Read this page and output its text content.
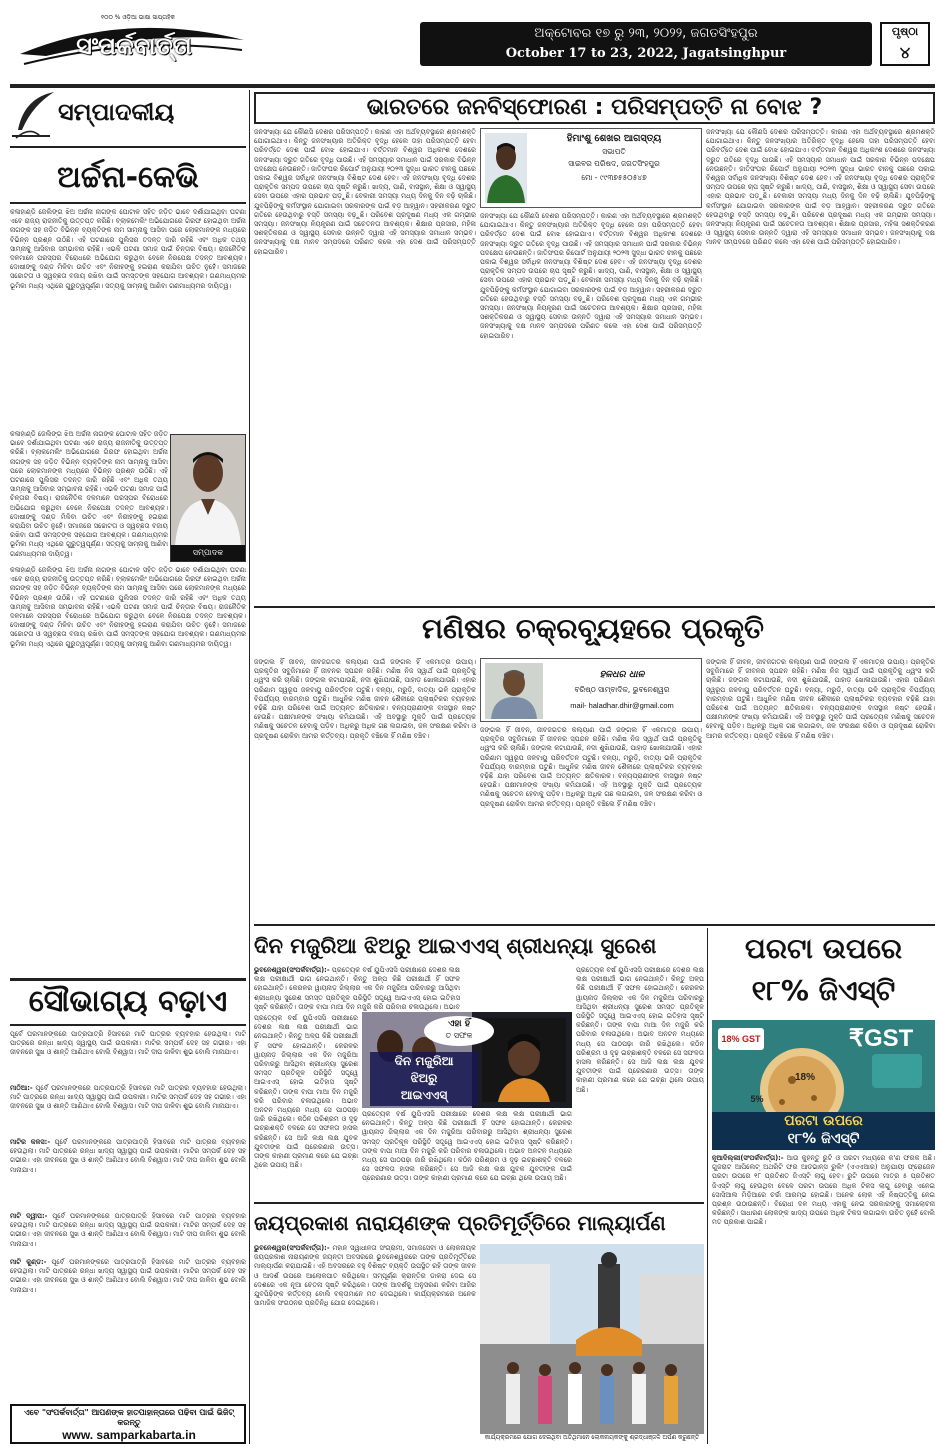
୧୦୦ % ଓଡ଼ିଆ ଭାଷା ସାପ୍ତାହିକ
ସଂପର୍କବାର୍ତ୍ତା	ଅକ୍ଟୋବର ୧୭ ରୁ ୨୩, ୨୦୨୨, ଜଗତସିଂହପୁର
October 17 to 23, 2022, Jagatsinghpur
ପୃଷ୍ଠା
୪
ସମ୍ପାଦକୀୟ
ଅର୍ଚ୍ଚନା-କେଭି
କଳାହାଣ୍ଡି ଜେଲିଙ୍ଗ ଝିଅ ଅର୍ଚ୍ଚନା ନାଗଙ୍କ ଘୋଟାଳ ସହିତ ଜଡ଼ିତ ଭାବେ ଦର୍ଶାଯାଇଥିବା ଘଟଣା ଏବେ ରାଜ୍ୟ ରାଜନୀତିକୁ ଉତ୍ତପ୍ତ କରିଛି। ବ୍ଲାକମେଲିଂ ଅଭିଯୋଗରେ ଗିରଫ ହୋଇଥିବା ଅର୍ଚ୍ଚନା ନାଗଙ୍କ ସହ ଜଡ଼ିତ ବିଭିନ୍ନ ବ୍ୟକ୍ତିଙ୍କ ନାମ ସାମ୍ନାକୁ ଆସିବା ପରେ ଲୋକମାନଙ୍କ ମଧ୍ୟରେ ବିଭିନ୍ନ ପ୍ରଶ୍ନ ଉଠିଛି। ଏହି ଘଟଣାରେ ପୁଲିସର ତଦନ୍ତ ଜାରି ରହିଛି ଏବଂ ଅଧିକ ତଥ୍ୟ ସାମ୍ନାକୁ ଆସିବାର ସମ୍ଭାବନା ରହିଛି। ଏଭଳି ଘଟଣା ସମାଜ ପାଇଁ ଚିନ୍ତାର ବିଷୟ। ରାଜନୈତିକ ଦଳମାନେ ପରସ୍ପର ବିରୋଧରେ ଅଭିଯୋଗ କରୁଥିବା ବେଳେ ନିରପେକ୍ଷ ତଦନ୍ତ ଆବଶ୍ୟକ। ଦୋଷୀଙ୍କୁ ଦଣ୍ଡ ମିଳିବା ଉଚିତ ଏବଂ ନିରୀହଙ୍କୁ ହଇରାଣ କରାଯିବା ଉଚିତ ନୁହେଁ। ସମାଜରେ ସଚ୍ଚୋଟତା ଓ ସ୍ୱଚ୍ଛତା ବଜାୟ ରଖିବା ପାଇଁ ସମସ୍ତଙ୍କ ସହଯୋଗ ଆବଶ୍ୟକ। ଗଣମାଧ୍ୟମର ଭୂମିକା ମଧ୍ୟ ଏଥିରେ ଗୁରୁତ୍ୱପୂର୍ଣ୍ଣ। ସତ୍ୟକୁ ସାମ୍ନାକୁ ଆଣିବା ଗଣମାଧ୍ୟମର ଦାୟିତ୍ୱ।
କଳାହାଣ୍ଡି ଜେଲିଙ୍ଗ ଝିଅ ଅର୍ଚ୍ଚନା ନାଗଙ୍କ ଘୋଟାଳ ସହିତ ଜଡ଼ିତ ଭାବେ ଦର୍ଶାଯାଇଥିବା ଘଟଣା ଏବେ ରାଜ୍ୟ ରାଜନୀତିକୁ ଉତ୍ତପ୍ତ କରିଛି। ବ୍ଲାକମେଲିଂ ଅଭିଯୋଗରେ ଗିରଫ ହୋଇଥିବା ଅର୍ଚ୍ଚନା ନାଗଙ୍କ ସହ ଜଡ଼ିତ ବିଭିନ୍ନ ବ୍ୟକ୍ତିଙ୍କ ନାମ ସାମ୍ନାକୁ ଆସିବା ପରେ ଲୋକମାନଙ୍କ ମଧ୍ୟରେ ବିଭିନ୍ନ ପ୍ରଶ୍ନ ଉଠିଛି। ଏହି ଘଟଣାରେ ପୁଲିସର ତଦନ୍ତ ଜାରି ରହିଛି ଏବଂ ଅଧିକ ତଥ୍ୟ ସାମ୍ନାକୁ ଆସିବାର ସମ୍ଭାବନା ରହିଛି। ଏଭଳି ଘଟଣା ସମାଜ ପାଇଁ ଚିନ୍ତାର ବିଷୟ। ରାଜନୈତିକ ଦଳମାନେ ପରସ୍ପର ବିରୋଧରେ ଅଭିଯୋଗ କରୁଥିବା ବେଳେ ନିରପେକ୍ଷ ତଦନ୍ତ ଆବଶ୍ୟକ। ଦୋଷୀଙ୍କୁ ଦଣ୍ଡ ମିଳିବା ଉଚିତ ଏବଂ ନିରୀହଙ୍କୁ ହଇରାଣ କରାଯିବା ଉଚିତ ନୁହେଁ। ସମାଜରେ ସଚ୍ଚୋଟତା ଓ ସ୍ୱଚ୍ଛତା ବଜାୟ ରଖିବା ପାଇଁ ସମସ୍ତଙ୍କ ସହଯୋଗ ଆବଶ୍ୟକ। ଗଣମାଧ୍ୟମର ଭୂମିକା ମଧ୍ୟ ଏଥିରେ ଗୁରୁତ୍ୱପୂର୍ଣ୍ଣ। ସତ୍ୟକୁ ସାମ୍ନାକୁ ଆଣିବା ଗଣମାଧ୍ୟମର ଦାୟିତ୍ୱ।	ସମ୍ପାଦକ
କଳାହାଣ୍ଡି ଜେଲିଙ୍ଗ ଝିଅ ଅର୍ଚ୍ଚନା ନାଗଙ୍କ ଘୋଟାଳ ସହିତ ଜଡ଼ିତ ଭାବେ ଦର୍ଶାଯାଇଥିବା ଘଟଣା ଏବେ ରାଜ୍ୟ ରାଜନୀତିକୁ ଉତ୍ତପ୍ତ କରିଛି। ବ୍ଲାକମେଲିଂ ଅଭିଯୋଗରେ ଗିରଫ ହୋଇଥିବା ଅର୍ଚ୍ଚନା ନାଗଙ୍କ ସହ ଜଡ଼ିତ ବିଭିନ୍ନ ବ୍ୟକ୍ତିଙ୍କ ନାମ ସାମ୍ନାକୁ ଆସିବା ପରେ ଲୋକମାନଙ୍କ ମଧ୍ୟରେ ବିଭିନ୍ନ ପ୍ରଶ୍ନ ଉଠିଛି। ଏହି ଘଟଣାରେ ପୁଲିସର ତଦନ୍ତ ଜାରି ରହିଛି ଏବଂ ଅଧିକ ତଥ୍ୟ ସାମ୍ନାକୁ ଆସିବାର ସମ୍ଭାବନା ରହିଛି। ଏଭଳି ଘଟଣା ସମାଜ ପାଇଁ ଚିନ୍ତାର ବିଷୟ। ରାଜନୈତିକ ଦଳମାନେ ପରସ୍ପର ବିରୋଧରେ ଅଭିଯୋଗ କରୁଥିବା ବେଳେ ନିରପେକ୍ଷ ତଦନ୍ତ ଆବଶ୍ୟକ। ଦୋଷୀଙ୍କୁ ଦଣ୍ଡ ମିଳିବା ଉଚିତ ଏବଂ ନିରୀହଙ୍କୁ ହଇରାଣ କରାଯିବା ଉଚିତ ନୁହେଁ। ସମାଜରେ ସଚ୍ଚୋଟତା ଓ ସ୍ୱଚ୍ଛତା ବଜାୟ ରଖିବା ପାଇଁ ସମସ୍ତଙ୍କ ସହଯୋଗ ଆବଶ୍ୟକ। ଗଣମାଧ୍ୟମର ଭୂମିକା ମଧ୍ୟ ଏଥିରେ ଗୁରୁତ୍ୱପୂର୍ଣ୍ଣ। ସତ୍ୟକୁ ସାମ୍ନାକୁ ଆଣିବା ଗଣମାଧ୍ୟମର ଦାୟିତ୍ୱ।
ସୌଭାଗ୍ୟ ବଢ଼ାଏ
ପୂର୍ବେ ଘରମାନଙ୍କରେ ପାତ୍ରପାତ୍ରି ହିସାବରେ ମାଟି ପାତ୍ରର ବ୍ୟବହାର ହେଉଥିଲା। ମାଟି ପାତ୍ରରେ ରନ୍ଧା ଖାଦ୍ୟ ସ୍ୱାସ୍ଥ୍ୟ ପାଇଁ ଉପକାରୀ। ମାଟିର ସମ୍ପର୍କ ଦେହ ସହ ଗଭୀର। ଏହା ଜୀବନରେ ସୁଖ ଓ ଶାନ୍ତି ଆଣିଥାଏ ବୋଲି ବିଶ୍ୱାସ। ମାଟି ଦୀପ ଜାଳିବା ଶୁଭ ବୋଲି ମାନାଯାଏ।
ମାଠିଆ:- ପୂର୍ବେ ଘରମାନଙ୍କରେ ପାତ୍ରପାତ୍ରି ହିସାବରେ ମାଟି ପାତ୍ରର ବ୍ୟବହାର ହେଉଥିଲା। ମାଟି ପାତ୍ରରେ ରନ୍ଧା ଖାଦ୍ୟ ସ୍ୱାସ୍ଥ୍ୟ ପାଇଁ ଉପକାରୀ। ମାଟିର ସମ୍ପର୍କ ଦେହ ସହ ଗଭୀର। ଏହା ଜୀବନରେ ସୁଖ ଓ ଶାନ୍ତି ଆଣିଥାଏ ବୋଲି ବିଶ୍ୱାସ। ମାଟି ଦୀପ ଜାଳିବା ଶୁଭ ବୋଲି ମାନାଯାଏ।
ମାଟିର କଳସ:- ପୂର୍ବେ ଘରମାନଙ୍କରେ ପାତ୍ରପାତ୍ରି ହିସାବରେ ମାଟି ପାତ୍ରର ବ୍ୟବହାର ହେଉଥିଲା। ମାଟି ପାତ୍ରରେ ରନ୍ଧା ଖାଦ୍ୟ ସ୍ୱାସ୍ଥ୍ୟ ପାଇଁ ଉପକାରୀ। ମାଟିର ସମ୍ପର୍କ ଦେହ ସହ ଗଭୀର। ଏହା ଜୀବନରେ ସୁଖ ଓ ଶାନ୍ତି ଆଣିଥାଏ ବୋଲି ବିଶ୍ୱାସ। ମାଟି ଦୀପ ଜାଳିବା ଶୁଭ ବୋଲି ମାନାଯାଏ।
ମାଟି ଦ୍ୱୀପ:- ପୂର୍ବେ ଘରମାନଙ୍କରେ ପାତ୍ରପାତ୍ରି ହିସାବରେ ମାଟି ପାତ୍ରର ବ୍ୟବହାର ହେଉଥିଲା। ମାଟି ପାତ୍ରରେ ରନ୍ଧା ଖାଦ୍ୟ ସ୍ୱାସ୍ଥ୍ୟ ପାଇଁ ଉପକାରୀ। ମାଟିର ସମ୍ପର୍କ ଦେହ ସହ ଗଭୀର। ଏହା ଜୀବନରେ ସୁଖ ଓ ଶାନ୍ତି ଆଣିଥାଏ ବୋଲି ବିଶ୍ୱାସ। ମାଟି ଦୀପ ଜାଳିବା ଶୁଭ ବୋଲି ମାନାଯାଏ।
ମାଟି କୁଣ୍ଡ:- ପୂର୍ବେ ଘରମାନଙ୍କରେ ପାତ୍ରପାତ୍ରି ହିସାବରେ ମାଟି ପାତ୍ରର ବ୍ୟବହାର ହେଉଥିଲା। ମାଟି ପାତ୍ରରେ ରନ୍ଧା ଖାଦ୍ୟ ସ୍ୱାସ୍ଥ୍ୟ ପାଇଁ ଉପକାରୀ। ମାଟିର ସମ୍ପର୍କ ଦେହ ସହ ଗଭୀର। ଏହା ଜୀବନରେ ସୁଖ ଓ ଶାନ୍ତି ଆଣିଥାଏ ବୋଲି ବିଶ୍ୱାସ। ମାଟି ଦୀପ ଜାଳିବା ଶୁଭ ବୋଲି ମାନାଯାଏ।
ଏବେ "ସଂପର୍କବାର୍ତ୍ତା" ଆପଣଙ୍କ ହାତପାହାନ୍ତାରେ ପଢିବା ପାଇଁ ଭିଜିଟ୍ କରନ୍ତୁ
www. samparkabarta.in
ଭାରତରେ ଜନବିସ୍ଫୋରଣ : ପରିସମ୍ପତ୍ତି ନା ବୋଝ ?
ଜନସଂଖ୍ୟା ଯେ କୌଣସି ଦେଶର ପରିସମ୍ପତ୍ତି। କାରଣ ଏହା ଅର୍ଥବ୍ୟବସ୍ଥାରେ ଶ୍ରମଶକ୍ତି ଯୋଗାଇଥାଏ। କିନ୍ତୁ ଜନସଂଖ୍ୟାର ଅତିରିକ୍ତ ବୃଦ୍ଧି ହେଲେ ତାହା ପରିସମ୍ପତ୍ତି ହେବା ପରିବର୍ତ୍ତେ ଦେଶ ପାଇଁ ବୋଝ ହୋଇଯାଏ। ବର୍ତ୍ତମାନ ବିଶ୍ୱର ଅଧିକାଂଶ ଦେଶରେ ଜନସଂଖ୍ୟା ଦ୍ରୁତ ଗତିରେ ବୃଦ୍ଧି ପାଉଛି। ଏହି ସମସ୍ୟାର ସମାଧାନ ପାଇଁ ସରକାର ବିଭିନ୍ନ ପଦକ୍ଷେପ ନେଉଛନ୍ତି। ଜାତିସଂଘର ରିପୋର୍ଟ ଅନୁଯାୟୀ ୨୦୨୩ ସୁଦ୍ଧା ଭାରତ ଚୀନକୁ ପଛରେ ପକାଇ ବିଶ୍ୱର ସର୍ବାଧିକ ଜନସଂଖ୍ୟା ବିଶିଷ୍ଟ ଦେଶ ହେବ। ଏହି ଜନସଂଖ୍ୟା ବୃଦ୍ଧି ଦେଶର ପ୍ରାକୃତିକ ସମ୍ପଦ ଉପରେ ଚାପ ସୃଷ୍ଟି କରୁଛି। ଖାଦ୍ୟ, ପାଣି, ବାସସ୍ଥାନ, ଶିକ୍ଷା ଓ ସ୍ୱାସ୍ଥ୍ୟ ସେବା ଉପରେ ଏହାର ପ୍ରଭାବ ପଡ଼ୁଛି। ବେକାରୀ ସମସ୍ୟା ମଧ୍ୟ ଦିନକୁ ଦିନ ବଢ଼ି ଚାଲିଛି। ଯୁବପିଢ଼ିଙ୍କୁ କର୍ମସଂସ୍ଥାନ ଯୋଗାଇବା ସରକାରଙ୍କ ପାଇଁ ବଡ଼ ଆହ୍ୱାନ। ସହରୀକରଣ ଦ୍ରୁତ ଗତିରେ ହେଉଥିବାରୁ ବସ୍ତି ସମସ୍ୟା ବଢ଼ୁଛି। ପରିବେଶ ପ୍ରଦୂଷଣ ମଧ୍ୟ ଏକ ଗମ୍ଭୀର ସମସ୍ୟା। ଜନସଂଖ୍ୟା ନିୟନ୍ତ୍ରଣ ପାଇଁ ସଚେତନତା ଆବଶ୍ୟକ। ଶିକ୍ଷାର ପ୍ରସାର, ମହିଳା ସଶକ୍ତିକରଣ ଓ ସ୍ୱାସ୍ଥ୍ୟ ସେବାର ଉନ୍ନତି ଦ୍ୱାରା ଏହି ସମସ୍ୟାର ସମାଧାନ ସମ୍ଭବ। ଜନସଂଖ୍ୟାକୁ ଦକ୍ଷ ମାନବ ସମ୍ପଦରେ ପରିଣତ କଲେ ଏହା ଦେଶ ପାଇଁ ପରିସମ୍ପତ୍ତି ହୋଇପାରିବ।
ହିମାଂଶୁ ଶେଖର ଆଗସ୍ତ୍ୟ
ସଭାପତି
ସାଇବର ପରିଷଦ, ଜଗତସିଂହପୁର
ମୋ - ୯୯୩୭୫୫୦୫୪୭
ଜନସଂଖ୍ୟା ଯେ କୌଣସି ଦେଶର ପରିସମ୍ପତ୍ତି। କାରଣ ଏହା ଅର୍ଥବ୍ୟବସ୍ଥାରେ ଶ୍ରମଶକ୍ତି ଯୋଗାଇଥାଏ। କିନ୍ତୁ ଜନସଂଖ୍ୟାର ଅତିରିକ୍ତ ବୃଦ୍ଧି ହେଲେ ତାହା ପରିସମ୍ପତ୍ତି ହେବା ପରିବର୍ତ୍ତେ ଦେଶ ପାଇଁ ବୋଝ ହୋଇଯାଏ। ବର୍ତ୍ତମାନ ବିଶ୍ୱର ଅଧିକାଂଶ ଦେଶରେ ଜନସଂଖ୍ୟା ଦ୍ରୁତ ଗତିରେ ବୃଦ୍ଧି ପାଉଛି। ଏହି ସମସ୍ୟାର ସମାଧାନ ପାଇଁ ସରକାର ବିଭିନ୍ନ ପଦକ୍ଷେପ ନେଉଛନ୍ତି। ଜାତିସଂଘର ରିପୋର୍ଟ ଅନୁଯାୟୀ ୨୦୨୩ ସୁଦ୍ଧା ଭାରତ ଚୀନକୁ ପଛରେ ପକାଇ ବିଶ୍ୱର ସର୍ବାଧିକ ଜନସଂଖ୍ୟା ବିଶିଷ୍ଟ ଦେଶ ହେବ। ଏହି ଜନସଂଖ୍ୟା ବୃଦ୍ଧି ଦେଶର ପ୍ରାକୃତିକ ସମ୍ପଦ ଉପରେ ଚାପ ସୃଷ୍ଟି କରୁଛି। ଖାଦ୍ୟ, ପାଣି, ବାସସ୍ଥାନ, ଶିକ୍ଷା ଓ ସ୍ୱାସ୍ଥ୍ୟ ସେବା ଉପରେ ଏହାର ପ୍ରଭାବ ପଡ଼ୁଛି। ବେକାରୀ ସମସ୍ୟା ମଧ୍ୟ ଦିନକୁ ଦିନ ବଢ଼ି ଚାଲିଛି। ଯୁବପିଢ଼ିଙ୍କୁ କର୍ମସଂସ୍ଥାନ ଯୋଗାଇବା ସରକାରଙ୍କ ପାଇଁ ବଡ଼ ଆହ୍ୱାନ। ସହରୀକରଣ ଦ୍ରୁତ ଗତିରେ ହେଉଥିବାରୁ ବସ୍ତି ସମସ୍ୟା ବଢ଼ୁଛି। ପରିବେଶ ପ୍ରଦୂଷଣ ମଧ୍ୟ ଏକ ଗମ୍ଭୀର ସମସ୍ୟା। ଜନସଂଖ୍ୟା ନିୟନ୍ତ୍ରଣ ପାଇଁ ସଚେତନତା ଆବଶ୍ୟକ। ଶିକ୍ଷାର ପ୍ରସାର, ମହିଳା ସଶକ୍ତିକରଣ ଓ ସ୍ୱାସ୍ଥ୍ୟ ସେବାର ଉନ୍ନତି ଦ୍ୱାରା ଏହି ସମସ୍ୟାର ସମାଧାନ ସମ୍ଭବ। ଜନସଂଖ୍ୟାକୁ ଦକ୍ଷ ମାନବ ସମ୍ପଦରେ ପରିଣତ କଲେ ଏହା ଦେଶ ପାଇଁ ପରିସମ୍ପତ୍ତି ହୋଇପାରିବ।
ଜନସଂଖ୍ୟା ଯେ କୌଣସି ଦେଶର ପରିସମ୍ପତ୍ତି। କାରଣ ଏହା ଅର୍ଥବ୍ୟବସ୍ଥାରେ ଶ୍ରମଶକ୍ତି ଯୋଗାଇଥାଏ। କିନ୍ତୁ ଜନସଂଖ୍ୟାର ଅତିରିକ୍ତ ବୃଦ୍ଧି ହେଲେ ତାହା ପରିସମ୍ପତ୍ତି ହେବା ପରିବର୍ତ୍ତେ ଦେଶ ପାଇଁ ବୋଝ ହୋଇଯାଏ। ବର୍ତ୍ତମାନ ବିଶ୍ୱର ଅଧିକାଂଶ ଦେଶରେ ଜନସଂଖ୍ୟା ଦ୍ରୁତ ଗତିରେ ବୃଦ୍ଧି ପାଉଛି। ଏହି ସମସ୍ୟାର ସମାଧାନ ପାଇଁ ସରକାର ବିଭିନ୍ନ ପଦକ୍ଷେପ ନେଉଛନ୍ତି। ଜାତିସଂଘର ରିପୋର୍ଟ ଅନୁଯାୟୀ ୨୦୨୩ ସୁଦ୍ଧା ଭାରତ ଚୀନକୁ ପଛରେ ପକାଇ ବିଶ୍ୱର ସର୍ବାଧିକ ଜନସଂଖ୍ୟା ବିଶିଷ୍ଟ ଦେଶ ହେବ। ଏହି ଜନସଂଖ୍ୟା ବୃଦ୍ଧି ଦେଶର ପ୍ରାକୃତିକ ସମ୍ପଦ ଉପରେ ଚାପ ସୃଷ୍ଟି କରୁଛି। ଖାଦ୍ୟ, ପାଣି, ବାସସ୍ଥାନ, ଶିକ୍ଷା ଓ ସ୍ୱାସ୍ଥ୍ୟ ସେବା ଉପରେ ଏହାର ପ୍ରଭାବ ପଡ଼ୁଛି। ବେକାରୀ ସମସ୍ୟା ମଧ୍ୟ ଦିନକୁ ଦିନ ବଢ଼ି ଚାଲିଛି। ଯୁବପିଢ଼ିଙ୍କୁ କର୍ମସଂସ୍ଥାନ ଯୋଗାଇବା ସରକାରଙ୍କ ପାଇଁ ବଡ଼ ଆହ୍ୱାନ। ସହରୀକରଣ ଦ୍ରୁତ ଗତିରେ ହେଉଥିବାରୁ ବସ୍ତି ସମସ୍ୟା ବଢ଼ୁଛି। ପରିବେଶ ପ୍ରଦୂଷଣ ମଧ୍ୟ ଏକ ଗମ୍ଭୀର ସମସ୍ୟା। ଜନସଂଖ୍ୟା ନିୟନ୍ତ୍ରଣ ପାଇଁ ସଚେତନତା ଆବଶ୍ୟକ। ଶିକ୍ଷାର ପ୍ରସାର, ମହିଳା ସଶକ୍ତିକରଣ ଓ ସ୍ୱାସ୍ଥ୍ୟ ସେବାର ଉନ୍ନତି ଦ୍ୱାରା ଏହି ସମସ୍ୟାର ସମାଧାନ ସମ୍ଭବ। ଜନସଂଖ୍ୟାକୁ ଦକ୍ଷ ମାନବ ସମ୍ପଦରେ ପରିଣତ କଲେ ଏହା ଦେଶ ପାଇଁ ପରିସମ୍ପତ୍ତି ହୋଇପାରିବ।
ମଣିଷର ଚକ୍ରବ୍ୟୂହରେ ପ୍ରକୃତି
ଜଙ୍ଗଲ ହିଁ ଜୀବନ, ଜୀବଜଗତର କଲ୍ୟାଣ ପାଇଁ ଜଙ୍ଗଲ ହିଁ ଏକମାତ୍ର ଉପାୟ। ପ୍ରକୃତିର ସବୁଜିମାରେ ହିଁ ଜୀବନର ସ୍ପନ୍ଦନ ରହିଛି। ମଣିଷ ନିଜ ସ୍ୱାର୍ଥ ପାଇଁ ପ୍ରକୃତିକୁ ଧ୍ୱଂସ କରି ଚାଲିଛି। ଜଙ୍ଗଲ କଟାଯାଉଛି, ନଦୀ ଶୁଖିଯାଉଛି, ପାହାଡ଼ ଖୋଳାଯାଉଛି। ଏହାର ପରିଣାମ ସ୍ୱରୂପ ଜଳବାୟୁ ପରିବର୍ତ୍ତନ ଘଟୁଛି। ବନ୍ୟା, ମରୁଡ଼ି, ବାତ୍ୟା ଭଳି ପ୍ରାକୃତିକ ବିପର୍ଯ୍ୟୟ ବାରମ୍ବାର ଘଟୁଛି। ଆଧୁନିକ ମଣିଷ ଜୀବନ ଶୈଳୀରେ ପ୍ଲାଷ୍ଟିକର ବ୍ୟବହାର ବଢ଼ିଛି ଯାହା ପରିବେଶ ପାଇଁ ଅତ୍ୟନ୍ତ କ୍ଷତିକାରକ। ବନ୍ୟପ୍ରାଣୀଙ୍କ ବାସସ୍ଥାନ ନଷ୍ଟ ହେଉଛି। ପକ୍ଷୀମାନଙ୍କ ସଂଖ୍ୟା କମିଯାଉଛି। ଏହି ଅବସ୍ଥାରୁ ମୁକ୍ତି ପାଇଁ ପ୍ରତ୍ୟେକ ମଣିଷକୁ ସଚେତନ ହେବାକୁ ପଡ଼ିବ। ଅଧିକରୁ ଅଧିକ ଗଛ ଲଗାଇବା, ଜଳ ସଂରକ୍ଷଣ କରିବା ଓ ପ୍ରଦୂଷଣ ରୋକିବା ଆମର କର୍ତ୍ତବ୍ୟ। ପ୍ରକୃତି ବଞ୍ଚିଲେ ହିଁ ମଣିଷ ବଞ୍ଚିବ।
ହଳଧର ଧାଳ
ବରିଷ୍ଠ ସାମ୍ବାଦିକ, ଭୁବନେଶ୍ୱର
mail- haladhar.dhir@gmail.com
ଜଙ୍ଗଲ ହିଁ ଜୀବନ, ଜୀବଜଗତର କଲ୍ୟାଣ ପାଇଁ ଜଙ୍ଗଲ ହିଁ ଏକମାତ୍ର ଉପାୟ। ପ୍ରକୃତିର ସବୁଜିମାରେ ହିଁ ଜୀବନର ସ୍ପନ୍ଦନ ରହିଛି। ମଣିଷ ନିଜ ସ୍ୱାର୍ଥ ପାଇଁ ପ୍ରକୃତିକୁ ଧ୍ୱଂସ କରି ଚାଲିଛି। ଜଙ୍ଗଲ କଟାଯାଉଛି, ନଦୀ ଶୁଖିଯାଉଛି, ପାହାଡ଼ ଖୋଳାଯାଉଛି। ଏହାର ପରିଣାମ ସ୍ୱରୂପ ଜଳବାୟୁ ପରିବର୍ତ୍ତନ ଘଟୁଛି। ବନ୍ୟା, ମରୁଡ଼ି, ବାତ୍ୟା ଭଳି ପ୍ରାକୃତିକ ବିପର୍ଯ୍ୟୟ ବାରମ୍ବାର ଘଟୁଛି। ଆଧୁନିକ ମଣିଷ ଜୀବନ ଶୈଳୀରେ ପ୍ଲାଷ୍ଟିକର ବ୍ୟବହାର ବଢ଼ିଛି ଯାହା ପରିବେଶ ପାଇଁ ଅତ୍ୟନ୍ତ କ୍ଷତିକାରକ। ବନ୍ୟପ୍ରାଣୀଙ୍କ ବାସସ୍ଥାନ ନଷ୍ଟ ହେଉଛି। ପକ୍ଷୀମାନଙ୍କ ସଂଖ୍ୟା କମିଯାଉଛି। ଏହି ଅବସ୍ଥାରୁ ମୁକ୍ତି ପାଇଁ ପ୍ରତ୍ୟେକ ମଣିଷକୁ ସଚେତନ ହେବାକୁ ପଡ଼ିବ। ଅଧିକରୁ ଅଧିକ ଗଛ ଲଗାଇବା, ଜଳ ସଂରକ୍ଷଣ କରିବା ଓ ପ୍ରଦୂଷଣ ରୋକିବା ଆମର କର୍ତ୍ତବ୍ୟ। ପ୍ରକୃତି ବଞ୍ଚିଲେ ହିଁ ମଣିଷ ବଞ୍ଚିବ।
ଜଙ୍ଗଲ ହିଁ ଜୀବନ, ଜୀବଜଗତର କଲ୍ୟାଣ ପାଇଁ ଜଙ୍ଗଲ ହିଁ ଏକମାତ୍ର ଉପାୟ। ପ୍ରକୃତିର ସବୁଜିମାରେ ହିଁ ଜୀବନର ସ୍ପନ୍ଦନ ରହିଛି। ମଣିଷ ନିଜ ସ୍ୱାର୍ଥ ପାଇଁ ପ୍ରକୃତିକୁ ଧ୍ୱଂସ କରି ଚାଲିଛି। ଜଙ୍ଗଲ କଟାଯାଉଛି, ନଦୀ ଶୁଖିଯାଉଛି, ପାହାଡ଼ ଖୋଳାଯାଉଛି। ଏହାର ପରିଣାମ ସ୍ୱରୂପ ଜଳବାୟୁ ପରିବର୍ତ୍ତନ ଘଟୁଛି। ବନ୍ୟା, ମରୁଡ଼ି, ବାତ୍ୟା ଭଳି ପ୍ରାକୃତିକ ବିପର୍ଯ୍ୟୟ ବାରମ୍ବାର ଘଟୁଛି। ଆଧୁନିକ ମଣିଷ ଜୀବନ ଶୈଳୀରେ ପ୍ଲାଷ୍ଟିକର ବ୍ୟବହାର ବଢ଼ିଛି ଯାହା ପରିବେଶ ପାଇଁ ଅତ୍ୟନ୍ତ କ୍ଷତିକାରକ। ବନ୍ୟପ୍ରାଣୀଙ୍କ ବାସସ୍ଥାନ ନଷ୍ଟ ହେଉଛି। ପକ୍ଷୀମାନଙ୍କ ସଂଖ୍ୟା କମିଯାଉଛି। ଏହି ଅବସ୍ଥାରୁ ମୁକ୍ତି ପାଇଁ ପ୍ରତ୍ୟେକ ମଣିଷକୁ ସଚେତନ ହେବାକୁ ପଡ଼ିବ। ଅଧିକରୁ ଅଧିକ ଗଛ ଲଗାଇବା, ଜଳ ସଂରକ୍ଷଣ କରିବା ଓ ପ୍ରଦୂଷଣ ରୋକିବା ଆମର କର୍ତ୍ତବ୍ୟ। ପ୍ରକୃତି ବଞ୍ଚିଲେ ହିଁ ମଣିଷ ବଞ୍ଚିବ।
ଦିନ ମଜୁରିଆ ଝିଅରୁ ଆଇଏଏସ୍ ଶ୍ରୀଧନ୍ୟା ସୁରେଶ
ଭୁବନେଶ୍ୱର(ସଂପର୍କବାର୍ତ୍ତା):- ପ୍ରତ୍ୟେକ ବର୍ଷ ୟୁପିଏସସି ପରୀକ୍ଷାରେ ଦେଶର ଲକ୍ଷ ଲକ୍ଷ ପରୀକ୍ଷାର୍ଥୀ ଭାଗ ନେଇଥାନ୍ତି। କିନ୍ତୁ ଅଳ୍ପ କିଛି ପରୀକ୍ଷାର୍ଥୀ ହିଁ ସଫଳ ହୋଇଥାନ୍ତି। କେରଳର ୱାୟନାଡ଼ ଜିଲ୍ଲାର ଏକ ଦିନ ମଜୁରିଆ ପରିବାରରୁ ଆସିଥିବା ଶ୍ରୀଧନ୍ୟା ସୁରେଶ ସମସ୍ତ ପ୍ରତିକୂଳ ପରିସ୍ଥିତି ସତ୍ତ୍ୱେ ଆଇଏଏସ୍ ହୋଇ ଇତିହାସ ସୃଷ୍ଟି କରିଛନ୍ତି। ତାଙ୍କ ବାପା ମାଆ ଦିନ ମଜୁରି କରି ପରିବାର ଚଳାଉଥିଲେ। ଅଭାବ
ଏହା ହିଁ
ତ ସଫଳ
ଦିନ ମଜୁରିଆ
ଝିଅରୁ
ଆଇଏଏସ୍
ପ୍ରତ୍ୟେକ ବର୍ଷ ୟୁପିଏସସି ପରୀକ୍ଷାରେ ଦେଶର ଲକ୍ଷ ଲକ୍ଷ ପରୀକ୍ଷାର୍ଥୀ ଭାଗ ନେଇଥାନ୍ତି। କିନ୍ତୁ ଅଳ୍ପ କିଛି ପରୀକ୍ଷାର୍ଥୀ ହିଁ ସଫଳ ହୋଇଥାନ୍ତି। କେରଳର ୱାୟନାଡ଼ ଜିଲ୍ଲାର ଏକ ଦିନ ମଜୁରିଆ ପରିବାରରୁ ଆସିଥିବା ଶ୍ରୀଧନ୍ୟା ସୁରେଶ ସମସ୍ତ ପ୍ରତିକୂଳ ପରିସ୍ଥିତି ସତ୍ତ୍ୱେ ଆଇଏଏସ୍ ହୋଇ ଇତିହାସ ସୃଷ୍ଟି କରିଛନ୍ତି। ତାଙ୍କ ବାପା ମାଆ ଦିନ ମଜୁରି କରି ପରିବାର ଚଳାଉଥିଲେ। ଅଭାବ ଅନଟନ ମଧ୍ୟରେ ମଧ୍ୟ ସେ ପାଠପଢ଼ା ଜାରି ରଖିଥିଲେ। କଠିନ ପରିଶ୍ରମ ଓ ଦୃଢ଼ ଇଚ୍ଛାଶକ୍ତି ବଳରେ ସେ ସଫଳତା ହାସଲ କରିଛନ୍ତି। ସେ ଆଜି ଲକ୍ଷ ଲକ୍ଷ ଯୁବକ ଯୁବତୀଙ୍କ ପାଇଁ ପ୍ରେରଣାର ଉତ୍ସ। ତାଙ୍କ କାହାଣୀ ପ୍ରମାଣ କରେ ଯେ ଇଚ୍ଛା ଥିଲେ ଉପାୟ ଅଛି।
ପ୍ରତ୍ୟେକ ବର୍ଷ ୟୁପିଏସସି ପରୀକ୍ଷାରେ ଦେଶର ଲକ୍ଷ ଲକ୍ଷ ପରୀକ୍ଷାର୍ଥୀ ଭାଗ ନେଇଥାନ୍ତି। କିନ୍ତୁ ଅଳ୍ପ କିଛି ପରୀକ୍ଷାର୍ଥୀ ହିଁ ସଫଳ ହୋଇଥାନ୍ତି। କେରଳର ୱାୟନାଡ଼ ଜିଲ୍ଲାର ଏକ ଦିନ ମଜୁରିଆ ପରିବାରରୁ ଆସିଥିବା ଶ୍ରୀଧନ୍ୟା ସୁରେଶ ସମସ୍ତ ପ୍ରତିକୂଳ ପରିସ୍ଥିତି ସତ୍ତ୍ୱେ ଆଇଏଏସ୍ ହୋଇ ଇତିହାସ ସୃଷ୍ଟି କରିଛନ୍ତି। ତାଙ୍କ ବାପା ମାଆ ଦିନ ମଜୁରି କରି ପରିବାର ଚଳାଉଥିଲେ। ଅଭାବ ଅନଟନ ମଧ୍ୟରେ ମଧ୍ୟ ସେ ପାଠପଢ଼ା ଜାରି ରଖିଥିଲେ। କଠିନ ପରିଶ୍ରମ ଓ ଦୃଢ଼ ଇଚ୍ଛାଶକ୍ତି ବଳରେ ସେ ସଫଳତା ହାସଲ କରିଛନ୍ତି। ସେ ଆଜି ଲକ୍ଷ ଲକ୍ଷ ଯୁବକ ଯୁବତୀଙ୍କ ପାଇଁ ପ୍ରେରଣାର ଉତ୍ସ। ତାଙ୍କ କାହାଣୀ ପ୍ରମାଣ କରେ ଯେ ଇଚ୍ଛା ଥିଲେ ଉପାୟ ଅଛି।
ପ୍ରତ୍ୟେକ ବର୍ଷ ୟୁପିଏସସି ପରୀକ୍ଷାରେ ଦେଶର ଲକ୍ଷ ଲକ୍ଷ ପରୀକ୍ଷାର୍ଥୀ ଭାଗ ନେଇଥାନ୍ତି। କିନ୍ତୁ ଅଳ୍ପ କିଛି ପରୀକ୍ଷାର୍ଥୀ ହିଁ ସଫଳ ହୋଇଥାନ୍ତି। କେରଳର ୱାୟନାଡ଼ ଜିଲ୍ଲାର ଏକ ଦିନ ମଜୁରିଆ ପରିବାରରୁ ଆସିଥିବା ଶ୍ରୀଧନ୍ୟା ସୁରେଶ ସମସ୍ତ ପ୍ରତିକୂଳ ପରିସ୍ଥିତି ସତ୍ତ୍ୱେ ଆଇଏଏସ୍ ହୋଇ ଇତିହାସ ସୃଷ୍ଟି କରିଛନ୍ତି। ତାଙ୍କ ବାପା ମାଆ ଦିନ ମଜୁରି କରି ପରିବାର ଚଳାଉଥିଲେ। ଅଭାବ ଅନଟନ ମଧ୍ୟରେ ମଧ୍ୟ ସେ ପାଠପଢ଼ା ଜାରି ରଖିଥିଲେ। କଠିନ ପରିଶ୍ରମ ଓ ଦୃଢ଼ ଇଚ୍ଛାଶକ୍ତି ବଳରେ ସେ ସଫଳତା ହାସଲ କରିଛନ୍ତି। ସେ ଆଜି ଲକ୍ଷ ଲକ୍ଷ ଯୁବକ ଯୁବତୀଙ୍କ ପାଇଁ ପ୍ରେରଣାର ଉତ୍ସ। ତାଙ୍କ କାହାଣୀ ପ୍ରମାଣ କରେ ଯେ ଇଚ୍ଛା ଥିଲେ ଉପାୟ ଅଛି।
ପରଟା ଉପରେ ୧୮% ଜିଏସ୍‌ଟି
18% GST	₹GST
5%
18%
ପରଟା ଉପରେ
୧୮% ଜିଏସ୍‌ଟି
ନୂଆଦିଲ୍ଲୀ(ସଂପର୍କବାର୍ତ୍ତା):- ଆଉ କୁହନ୍ତୁ ରୁଟି ଓ ପରଟା ମଧ୍ୟରେ କ'ଣ ଫରକ ଅଛି। ଗୁଜରାଟ ଆପିଲେଟ୍ ଅଥରିଟି ଫର ଆଡଭାନ୍ସ ରୁଲିଂ (ଏଏଏଆର) ଅନୁଯାୟୀ ଫ୍ରୋଜେନ ପରଟା ଉପରେ ୧୮ ପ୍ରତିଶତ ଜିଏସ୍‌ଟି ଲାଗୁ ହେବ। ରୁଟି ଉପରେ ମାତ୍ର ୫ ପ୍ରତିଶତ ଜିଏସ୍‌ଟି ଲାଗୁ ହେଉଥିବା ବେଳେ ପରଟା ଉପରେ ଅଧିକ ଟିକସ ଲାଗୁ ହେବାରୁ ଏନେଇ ସୋସିଆଲ ମିଡ଼ିଆରେ ଚର୍ଚ୍ଚା ଆରମ୍ଭ ହୋଇଛି। ଅନେକ ଲୋକ ଏହି ନିଷ୍ପତ୍ତିକୁ ନେଇ ପ୍ରଶ୍ନ ଉଠାଉଛନ୍ତି। ବିରୋଧୀ ଦଳ ମଧ୍ୟ ଏହାକୁ ନେଇ ସରକାରଙ୍କୁ ସମାଲୋଚନା କରିଛନ୍ତି। ସାଧାରଣ ଲୋକଙ୍କ ଖାଦ୍ୟ ଉପରେ ଅଧିକ ଟିକସ ଲଗାଇବା ଉଚିତ ନୁହେଁ ବୋଲି ମତ ପ୍ରକାଶ ପାଇଛି।
ଜୟପ୍ରକାଶ ନାରାୟଣଙ୍କ ପ୍ରତିମୂର୍ତ୍ତିରେ ମାଲ୍ୟାର୍ପଣ
ଭୁବନେଶ୍ୱର(ସଂପର୍କବାର୍ତ୍ତା):- ମହାନ ସ୍ୱାଧୀନତା ସଂଗ୍ରାମୀ, ସମାଜସେବୀ ଓ ଲୋକନାୟକ ଜୟପ୍ରକାଶ ନାରାୟଣଙ୍କ ଜୟନ୍ତୀ ଅବସରରେ ଭୁବନେଶ୍ୱରରେ ତାଙ୍କ ପ୍ରତିମୂର୍ତ୍ତିରେ ମାଲ୍ୟାର୍ପଣ କରାଯାଇଛି। ଏହି ଅବସରରେ ବହୁ ବିଶିଷ୍ଟ ବ୍ୟକ୍ତି ଉପସ୍ଥିତ ରହି ତାଙ୍କ ଜୀବନ ଓ ଆଦର୍ଶ ଉପରେ ଆଲୋକପାତ କରିଥିଲେ। ସମ୍ପୂର୍ଣ୍ଣ କ୍ରାନ୍ତିର ଡାକରା ଦେଇ ସେ ଦେଶରେ ଏକ ନୂଆ ଚେତନା ସୃଷ୍ଟି କରିଥିଲେ। ତାଙ୍କ ଆଦର୍ଶକୁ ଅନୁସରଣ କରିବା ଆଜିର ଯୁବପିଢ଼ିଙ୍କ କର୍ତ୍ତବ୍ୟ ବୋଲି ବକ୍ତାମାନେ ମତ ଦେଇଥିଲେ। କାର୍ଯ୍ୟକ୍ରମରେ ଅନେକ ସାମାଜିକ ସଂଗଠନର ପ୍ରତିନିଧି ଯୋଗ ଦେଇଥିଲେ।
କାର୍ଯ୍ୟକ୍ରମରେ ଯୋଗ ଦେଇଥିବା ଅତିଥିମାନେ ଲୋକନାୟକଙ୍କୁ ଶ୍ରଦ୍ଧାଞ୍ଜଳି ଅର୍ପଣ କରୁଛନ୍ତି
